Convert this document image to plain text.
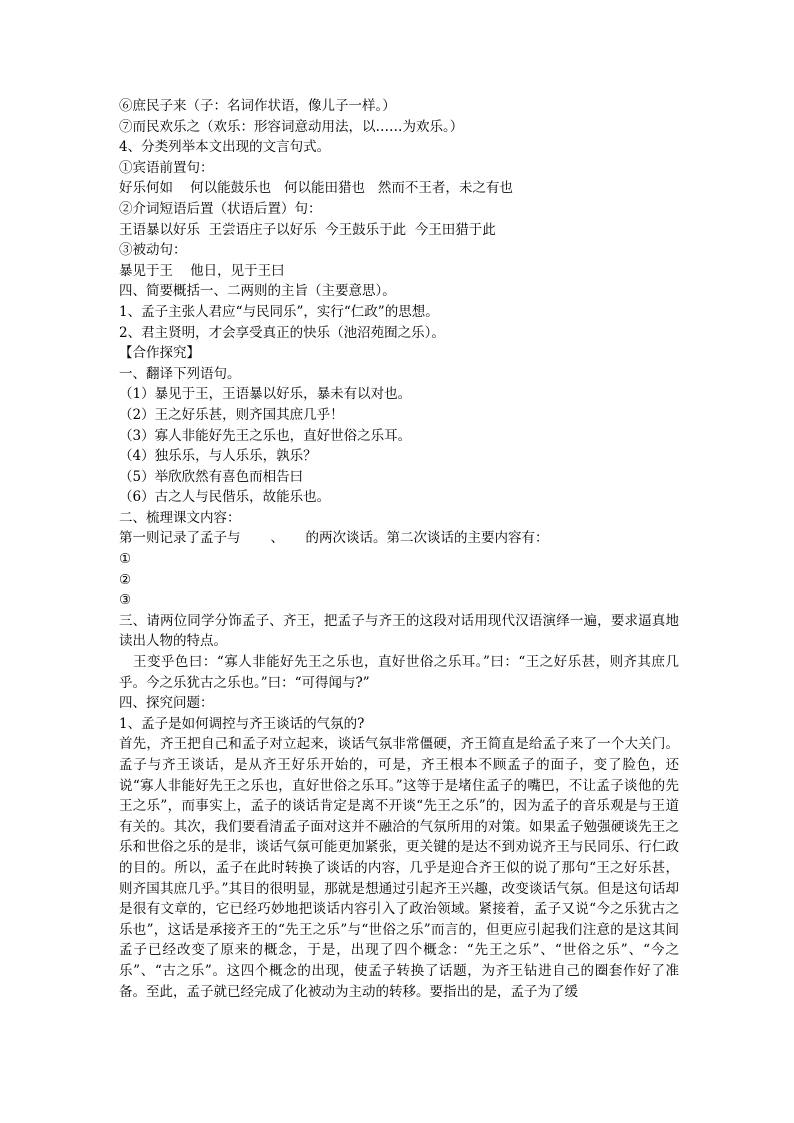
⑥庶民子来（子：名词作状语，像儿子一样。）

⑦而民欢乐之（欢乐：形容词意动用法，以……为欢乐。）

4、分类列举本文出现的文言句式。

①宾语前置句：

好乐何如    何以能鼓乐也   何以能田猎也   然而不王者，未之有也

②介词短语后置（状语后置）句：

王语暴以好乐  王尝语庄子以好乐  今王鼓乐于此  今王田猎于此

③被动句：

暴见于王    他日，见于王曰

四、简要概括一、二两则的主旨（主要意思）。

1、孟子主张人君应“与民同乐”，实行“仁政”的思想。

2、君主贤明，才会享受真正的快乐（池沼苑囿之乐）。

【合作探究】

一、翻译下列语句。

（1）暴见于王，王语暴以好乐，暴未有以对也。

（2）王之好乐甚，则齐国其庶几乎！

（3）寡人非能好先王之乐也，直好世俗之乐耳。

（4）独乐乐，与人乐乐，孰乐？

（5）举欣欣然有喜色而相告曰

（6）古之人与民偕乐，故能乐也。

二、梳理课文内容：

第一则记录了孟子与       、     的两次谈话。第二次谈话的主要内容有：

①

②

③

三、请两位同学分饰孟子、齐王，把孟子与齐王的这段对话用现代汉语演绎一遍，要求逼真地读出人物的特点。

　王变乎色曰：“寡人非能好先王之乐也，直好世俗之乐耳。”曰：“王之好乐甚，则齐其庶几乎。今之乐犹古之乐也。”曰：“可得闻与?”

四、探究问题：

1、孟子是如何调控与齐王谈话的气氛的?

首先，齐王把自己和孟子对立起来，谈话气氛非常僵硬，齐王简直是给孟子来了一个大关门。孟子与齐王谈话，是从齐王好乐开始的，可是，齐王根本不顾孟子的面子，变了脸色，还说“寡人非能好先王之乐也，直好世俗之乐耳。”这等于是堵住孟子的嘴巴，不让孟子谈他的先王之乐”，而事实上，孟子的谈话肯定是离不开谈“先王之乐”的，因为孟子的音乐观是与王道有关的。其次，我们要看清孟子面对这并不融洽的气氛所用的对策。如果孟子勉强硬谈先王之乐和世俗之乐的是非，谈话气氛可能更加紧张，更关键的是达不到劝说齐王与民同乐、行仁政的目的。所以，孟子在此时转换了谈话的内容，几乎是迎合齐王似的说了那句“王之好乐甚，则齐国其庶几乎。”其目的很明显，那就是想通过引起齐王兴趣，改变谈话气氛。但是这句话却是很有文章的，它已经巧妙地把谈话内容引入了政治领域。紧接着，孟子又说“今之乐犹古之乐也”，这话是承接齐王的“先王之乐”与“世俗之乐”而言的，但更应引起我们注意的是这其间孟子已经改变了原来的概念，于是，出现了四个概念：“先王之乐”、“世俗之乐”、“今之乐”、“古之乐”。这四个概念的出现，使孟子转换了话题，为齐王钻进自己的圈套作好了准备。至此，孟子就已经完成了化被动为主动的转移。要指出的是，孟子为了缓
